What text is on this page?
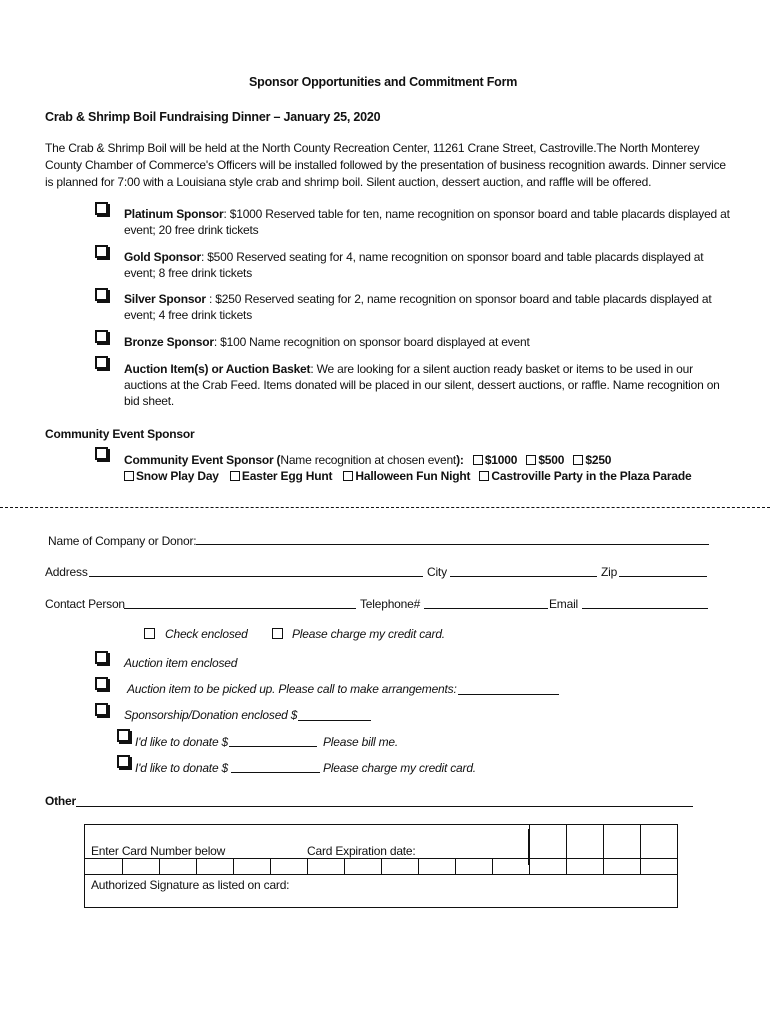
Sponsor Opportunities and Commitment Form
Crab & Shrimp Boil Fundraising Dinner – January 25, 2020
The Crab & Shrimp Boil will be held at the North County Recreation Center, 11261 Crane Street, Castroville.The North Monterey County Chamber of Commerce's Officers will be installed followed by the presentation of business recognition awards. Dinner service is planned for 7:00 with a Louisiana style crab and shrimp boil. Silent auction, dessert auction, and raffle will be offered.
Platinum Sponsor: $1000 Reserved table for ten, name recognition on sponsor board and table placards displayed at
event; 20 free drink tickets
Gold Sponsor: $500 Reserved seating for 4, name recognition on sponsor board and table placards displayed at
event; 8 free drink tickets
Silver Sponsor : $250 Reserved seating for 2, name recognition on sponsor board and table placards displayed at
event; 4 free drink tickets
Bronze Sponsor: $100 Name recognition on sponsor board displayed at event
Auction Item(s) or Auction Basket: We are looking for a silent auction ready basket or items to be used in our
auctions at the Crab Feed. Items donated will be placed in our silent, dessert auctions, or raffle. Name recognition on
bid sheet.
Community Event Sponsor
Community Event Sponsor (Name recognition at chosen event): $1000 $500 $250
Snow Play Day Easter Egg Hunt Halloween Fun Night Castroville Party in the Plaza Parade
Name of Company or Donor:
Address	City	Zip
Contact Person	Telephone#	Email
Check enclosed	Please charge my credit card.
Auction item enclosed
Auction item to be picked up. Please call to make arrangements:
Sponsorship/Donation enclosed $
I'd like to donate $	Please bill me.
I'd like to donate $	Please charge my credit card.
Other
Enter Card Number below	Card Expiration date:
Authorized Signature as listed on card:
